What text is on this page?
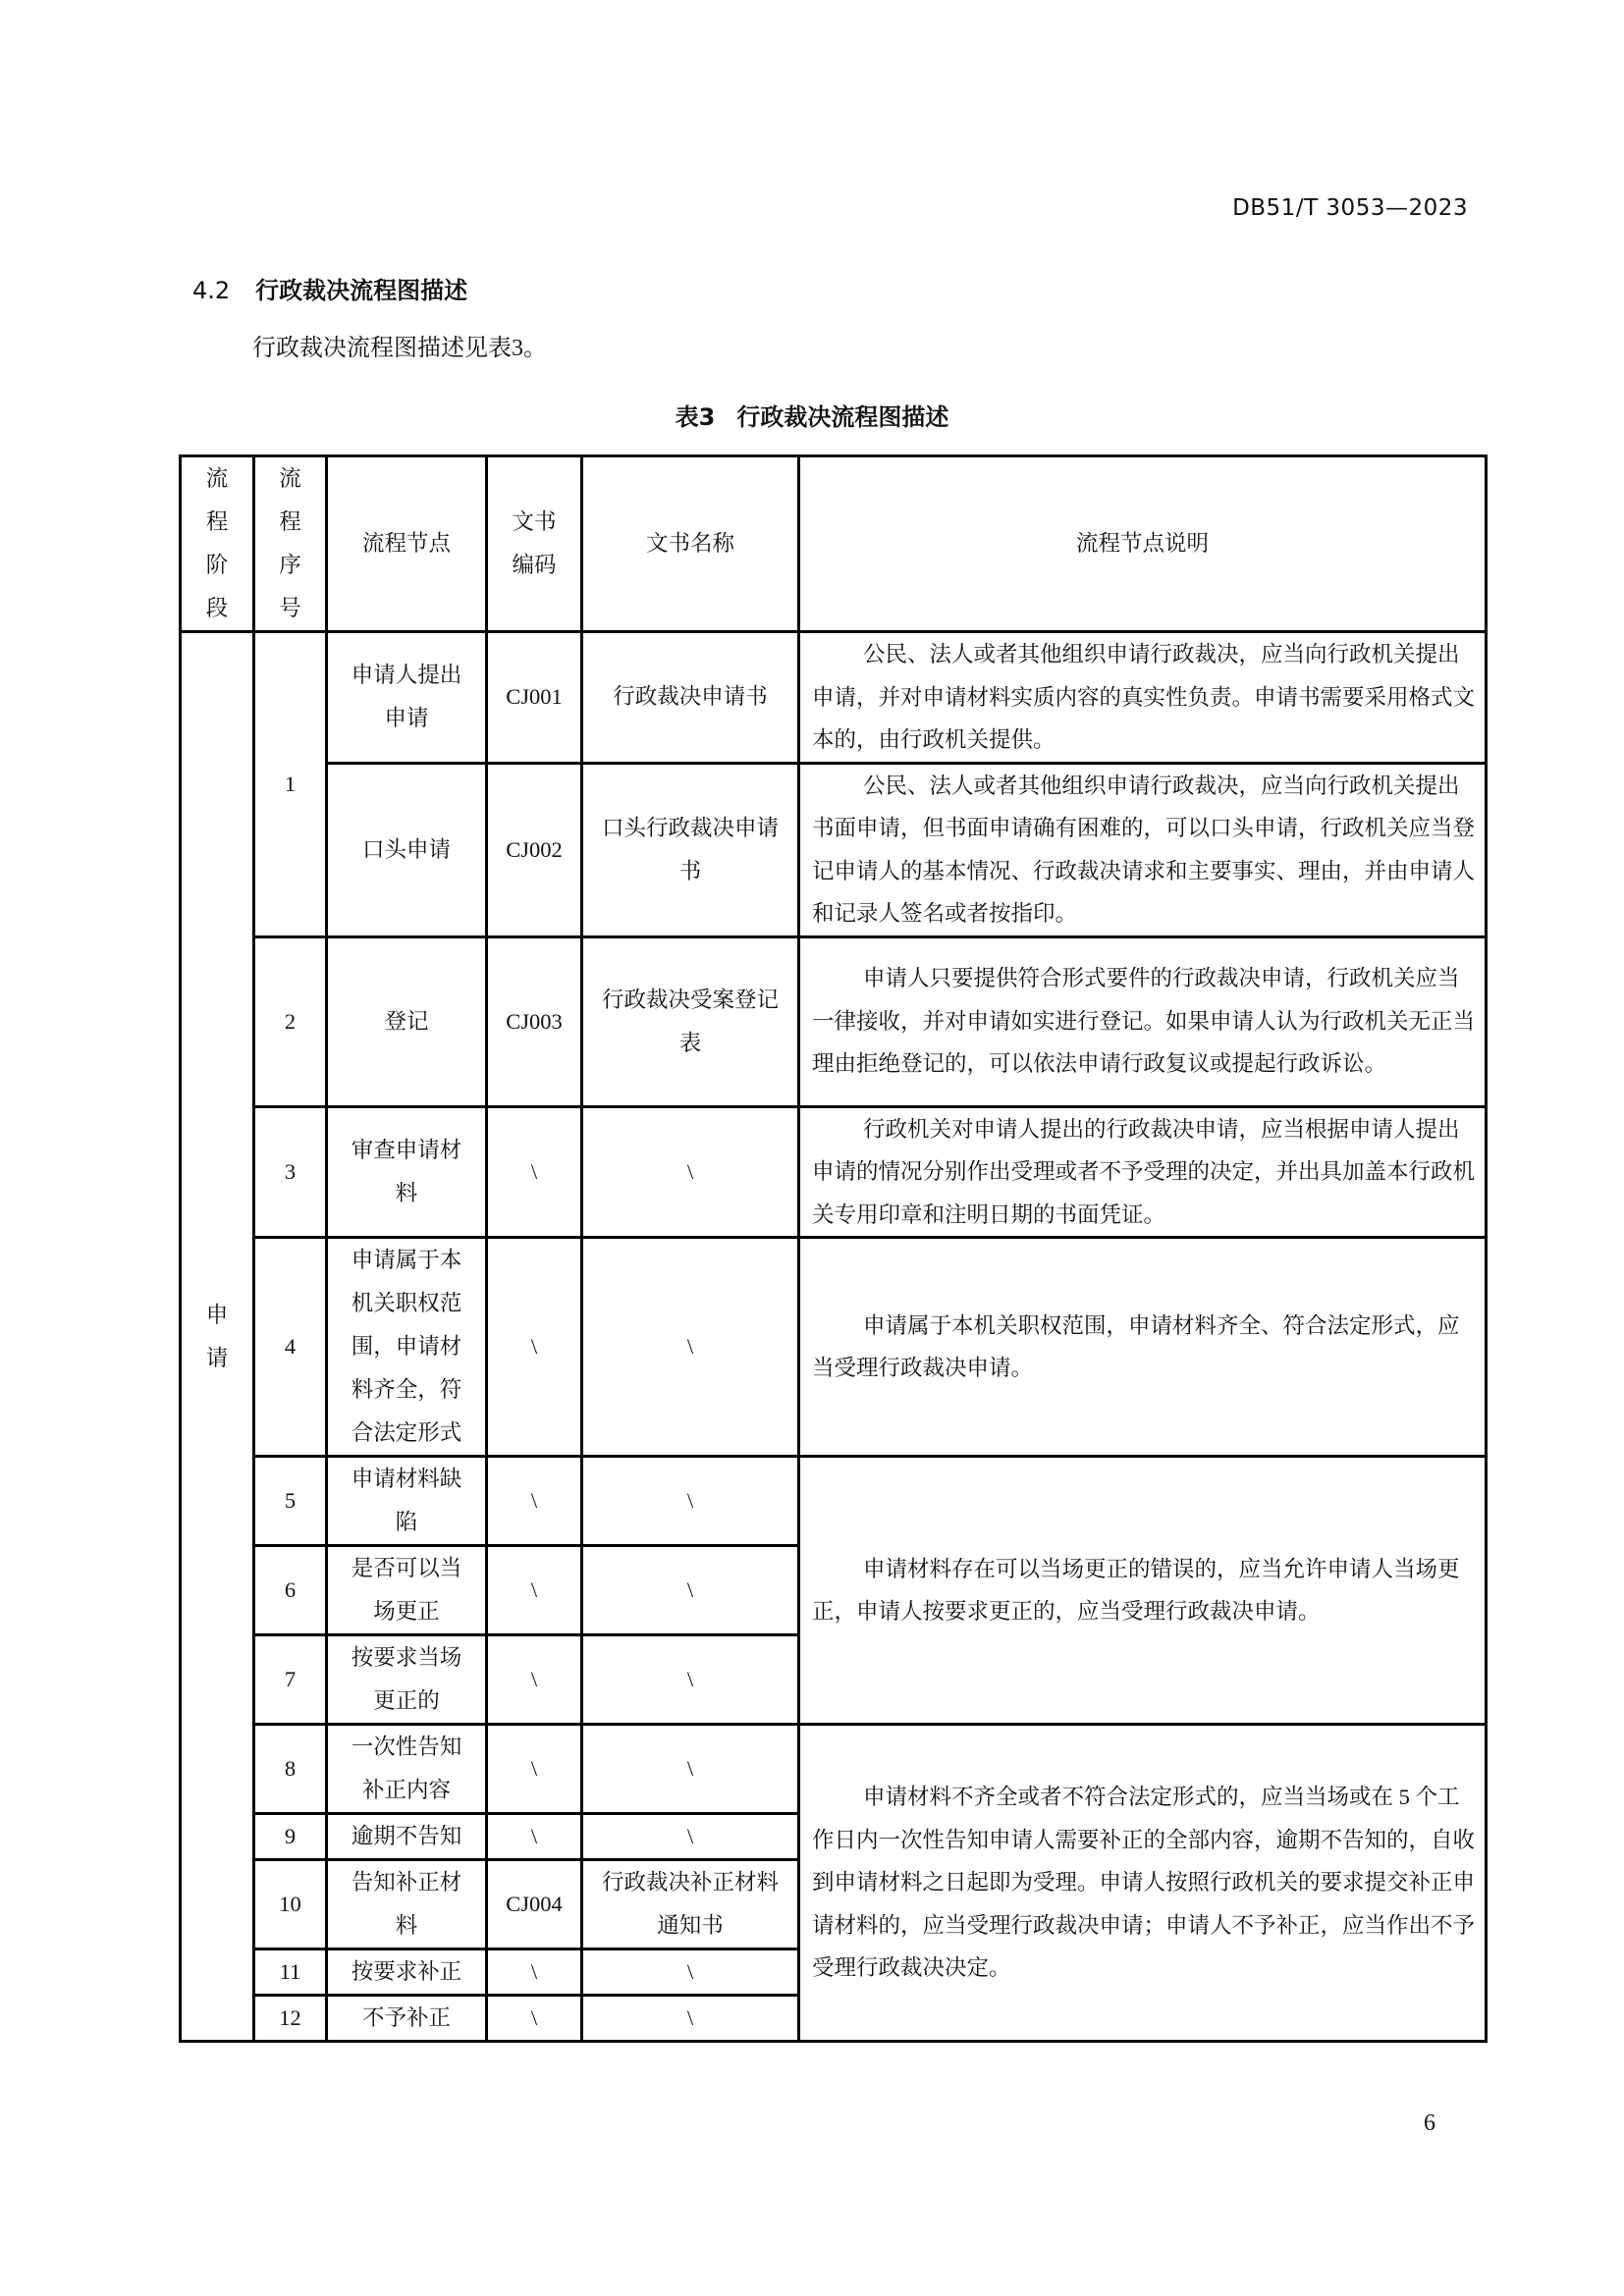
DB51/T 3053—2023
4.2 行政裁决流程图描述
行政裁决流程图描述见表3。
表3 行政裁决流程图描述
流程阶段	流程序号	流程节点	文书编码	文书名称	流程节点说明
申请	1	申请人提出申请	CJ001	行政裁决申请书	公民、法人或者其他组织申请行政裁决，应当向行政机关提出申请，并对申请材料实质内容的真实性负责。申请书需要采用格式文本的，由行政机关提供。
		口头申请	CJ002	口头行政裁决申请书	公民、法人或者其他组织申请行政裁决，应当向行政机关提出书面申请，但书面申请确有困难的，可以口头申请，行政机关应当登记申请人的基本情况、行政裁决请求和主要事实、理由，并由申请人和记录人签名或者按指印。
	2	登记	CJ003	行政裁决受案登记表	申请人只要提供符合形式要件的行政裁决申请，行政机关应当一律接收，并对申请如实进行登记。如果申请人认为行政机关无正当理由拒绝登记的，可以依法申请行政复议或提起行政诉讼。
	3	审查申请材料	\	\	行政机关对申请人提出的行政裁决申请，应当根据申请人提出申请的情况分别作出受理或者不予受理的决定，并出具加盖本行政机关专用印章和注明日期的书面凭证。
	4	申请属于本机关职权范围，申请材料齐全，符合法定形式	\	\	申请属于本机关职权范围，申请材料齐全、符合法定形式，应当受理行政裁决申请。
	5	申请材料缺陷	\	\	申请材料存在可以当场更正的错误的，应当允许申请人当场更正，申请人按要求更正的，应当受理行政裁决申请。
	6	是否可以当场更正	\	\	
	7	按要求当场更正的	\	\	
	8	一次性告知补正内容	\	\	申请材料不齐全或者不符合法定形式的，应当当场或在 5 个工作日内一次性告知申请人需要补正的全部内容，逾期不告知的，自收到申请材料之日起即为受理。申请人按照行政机关的要求提交补正申请材料的，应当受理行政裁决申请；申请人不予补正，应当作出不予受理行政裁决决定。
	9	逾期不告知	\	\	
	10	告知补正材料	CJ004	行政裁决补正材料通知书	
	11	按要求补正	\	\	
	12	不予补正	\	\	
6
